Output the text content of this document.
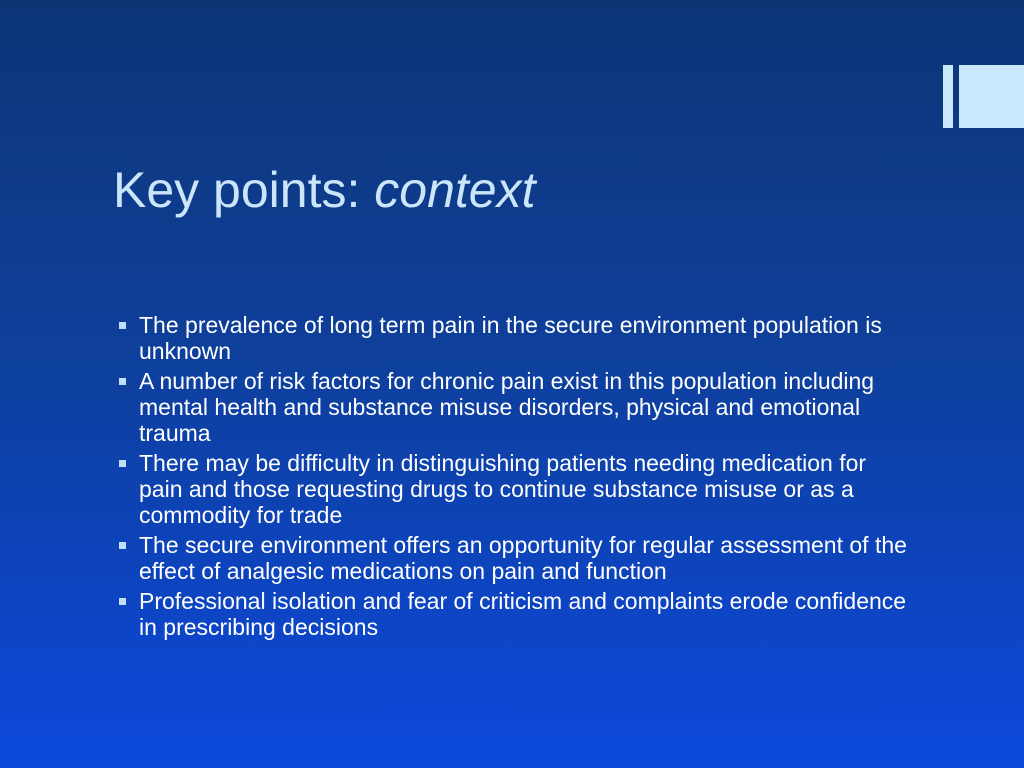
Key points: context
The prevalence of long term pain in the secure environment population is unknown
A number of risk factors for chronic pain exist in this population including mental health and substance misuse disorders, physical and emotional trauma
There may be difficulty in distinguishing patients needing medication for pain and those requesting drugs to continue substance misuse or as a commodity for trade
The secure environment offers an opportunity for regular assessment of the effect of analgesic medications on pain and function
Professional isolation and fear of criticism and complaints erode confidence in prescribing decisions
